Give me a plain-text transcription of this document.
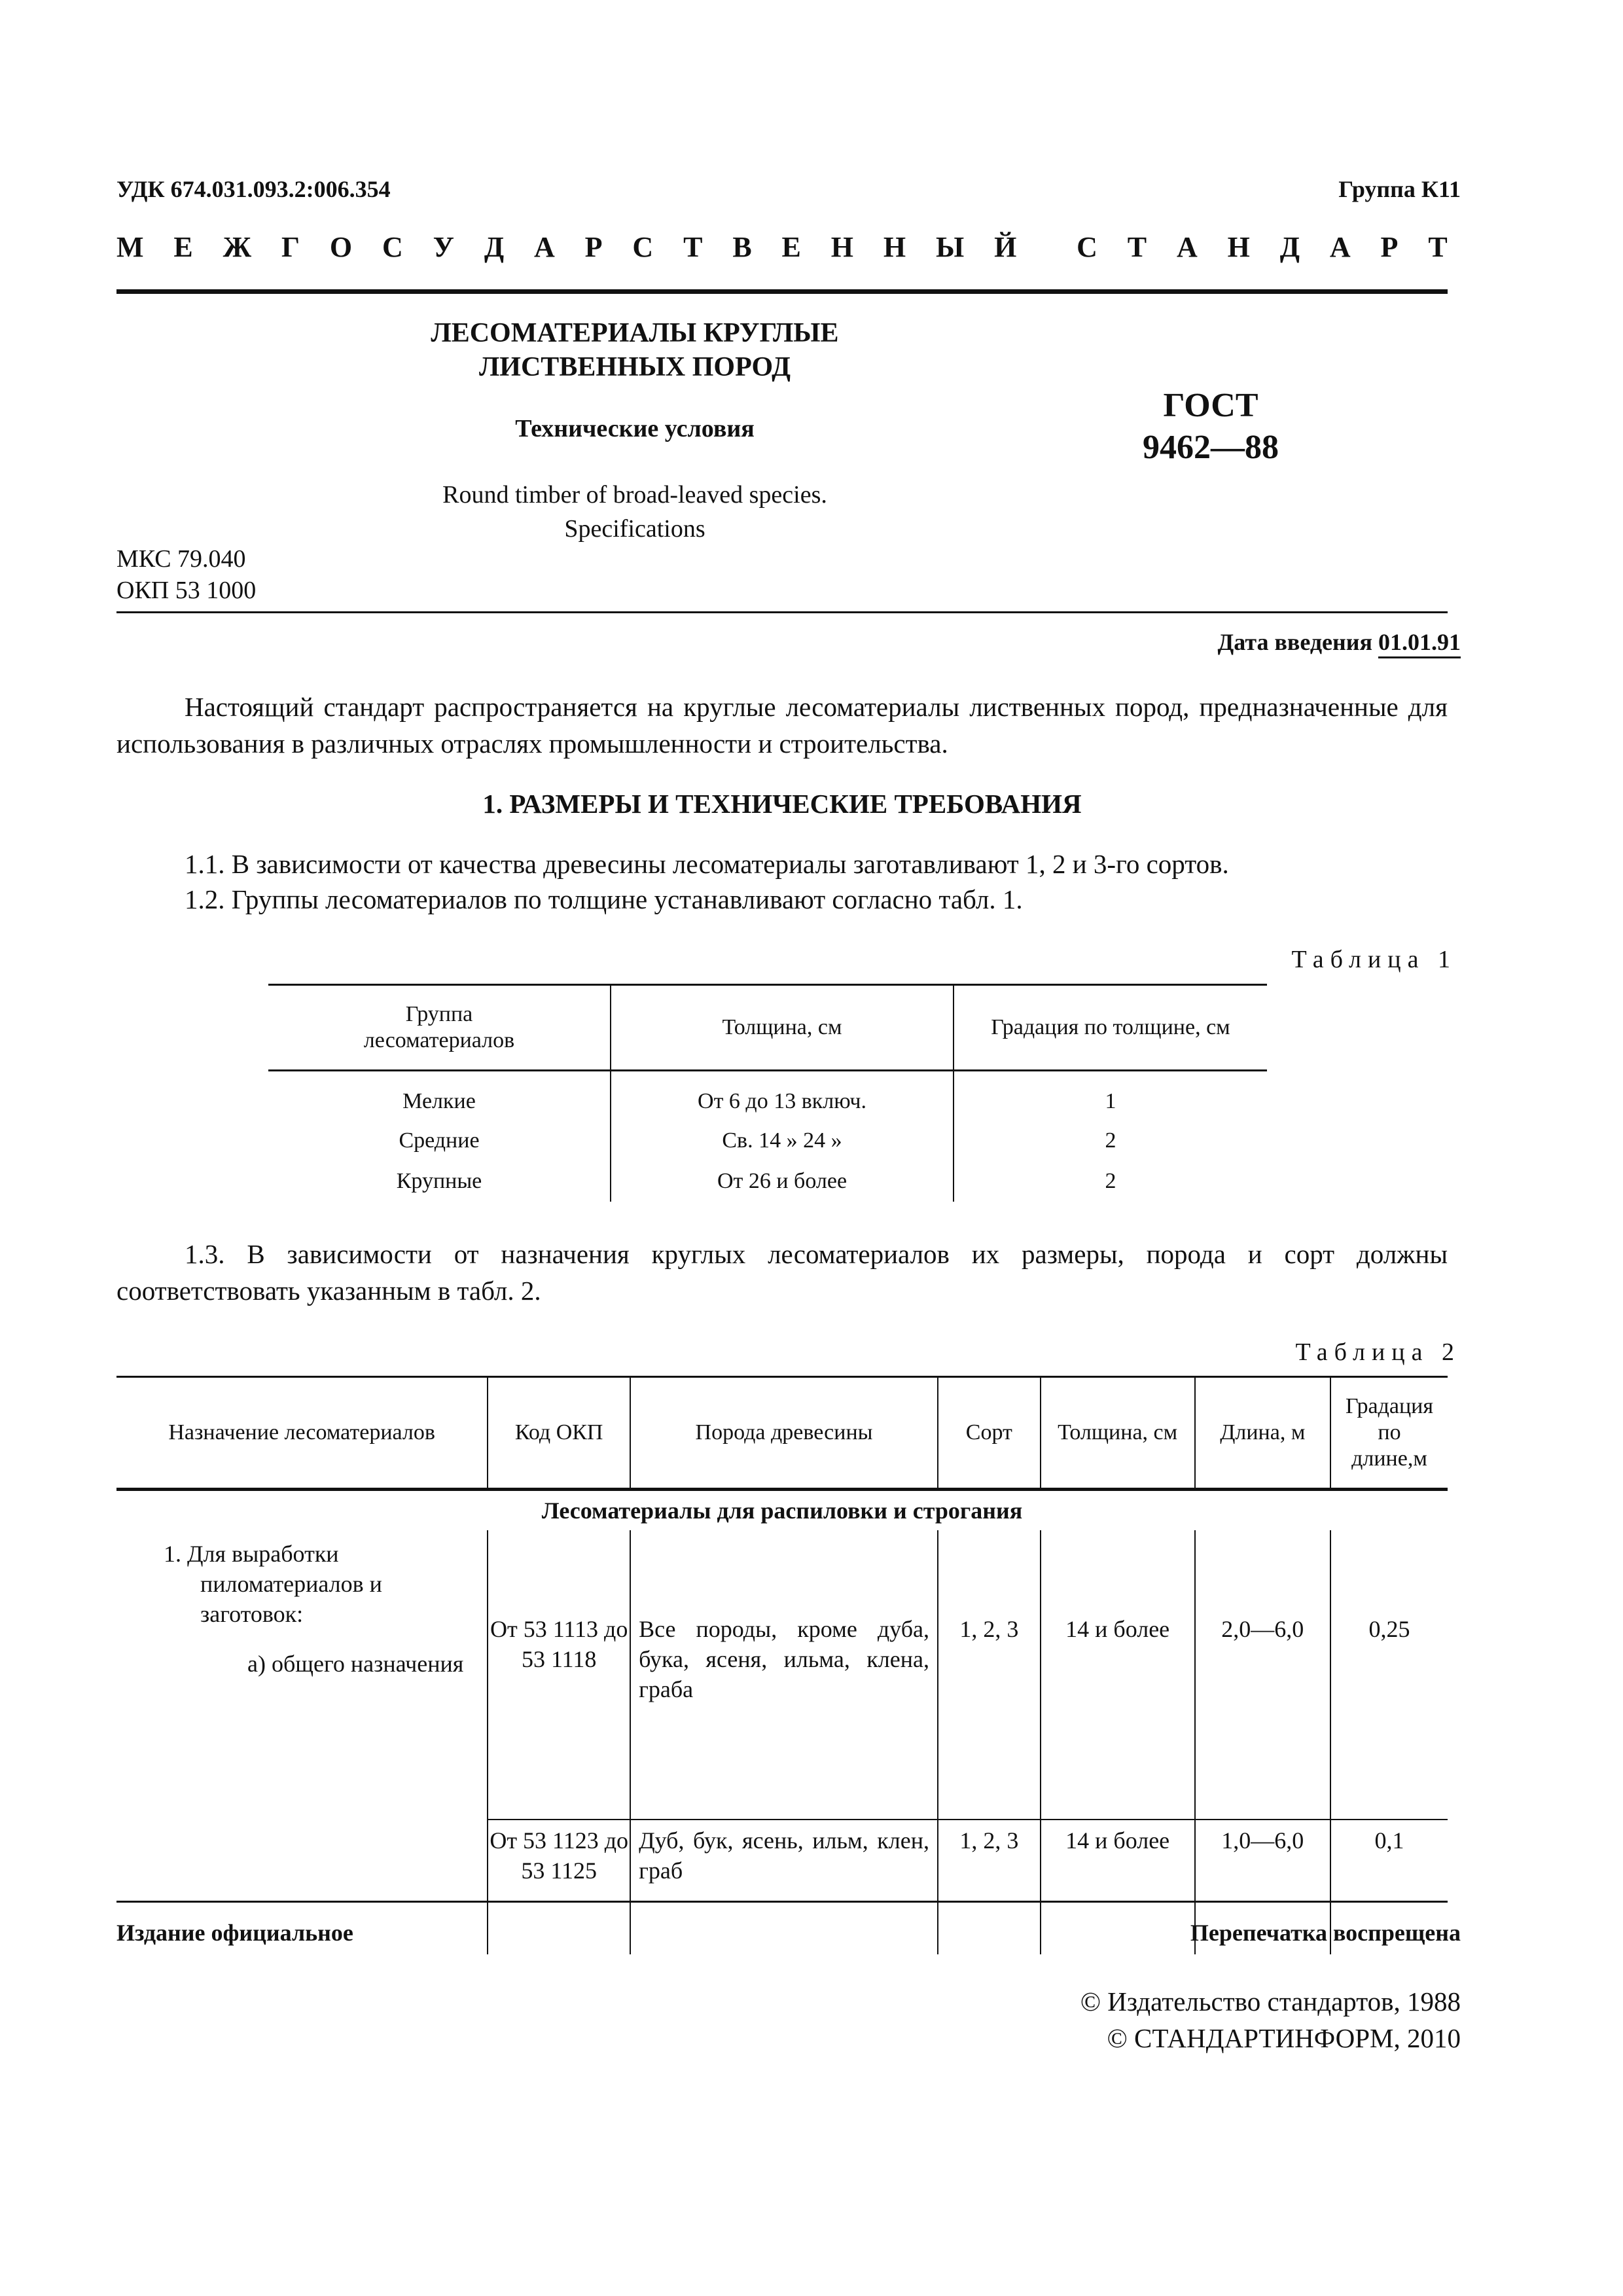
УДК 674.031.093.2:006.354	Группа К11
М Е Ж Г О С У Д А Р С Т В Е Н Н Ы Й С Т А Н Д А Р Т
ЛЕСОМАТЕРИАЛЫ КРУГЛЫЕ
ЛИСТВЕННЫХ ПОРОД
Технические условия
ГОСТ
9462—88
Round timber of broad-leaved species.
Specifications
МКС 79.040
ОКП 53 1000
Дата введения 01.01.91
Настоящий стандарт распространяется на круглые лесоматериалы лиственных пород, предназначенные для использования в различных отраслях промышленности и строительства.
1. РАЗМЕРЫ И ТЕХНИЧЕСКИЕ ТРЕБОВАНИЯ
1.1. В зависимости от качества древесины лесоматериалы заготавливают 1, 2 и 3-го сортов.
1.2. Группы лесоматериалов по толщине устанавливают согласно табл. 1.
Таблица 1
Группа
лесоматериалов	Толщина, см	Градация по толщине, см
Мелкие	От 6 до 13 включ.	1
Средние	Св. 14 » 24 »	2
Крупные	От 26 и более	2
1.3. В зависимости от назначения круглых лесоматериалов их размеры, порода и сорт должны соответствовать указанным в табл. 2.
Таблица 2
Назначение лесоматериалов	Код ОКП	Порода древесины	Сорт	Толщина, см	Длина, м	Градация по длине,м
Лесоматериалы для распиловки и строгания						

1. Для выработки пиломатериалов и заготовок:
а) общего назначения	От 53 1113 до 53 1118	Все породы, кроме дуба, бука, ясеня, ильма, клена, граба	1, 2, 3	14 и более	2,0—6,0	0,25
	От 53 1123 до 53 1125	Дуб, бук, ясень, ильм, клен, граб	1, 2, 3	14 и более	1,0—6,0	0,1
Издание официальное	Перепечатка воспрещена
© Издательство стандартов, 1988
© СТАНДАРТИНФОРМ, 2010
